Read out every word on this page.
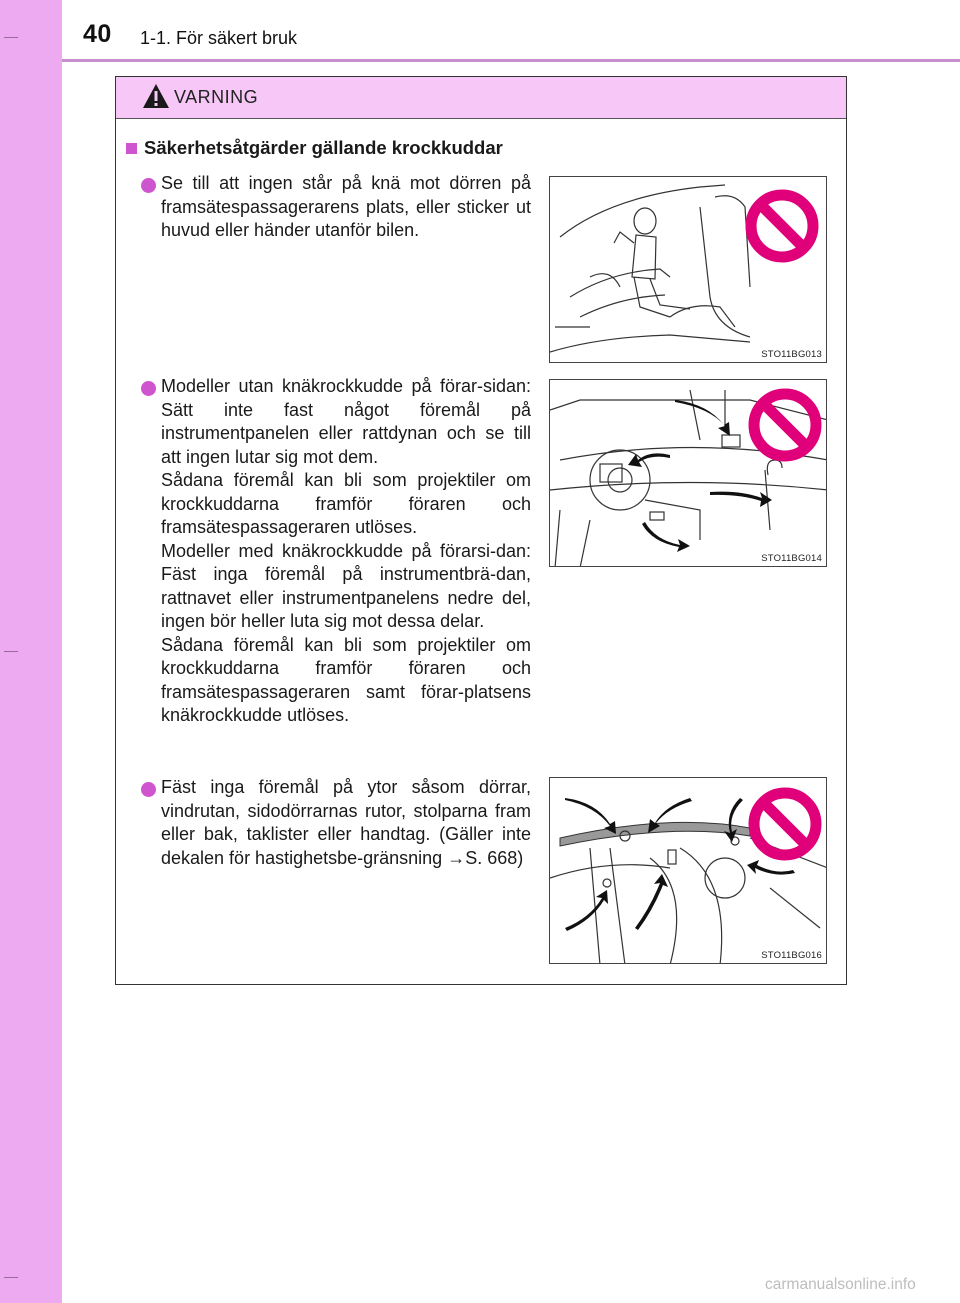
40 1-1. För säkert bruk
VARNING
Säkerhetsåtgärder gällande krockkuddar
Se till att ingen står på knä mot dörren på framsätespassagerarens plats, eller sticker ut huvud eller händer utanför bilen.
STO11BG013
Modeller utan knäkrockkudde på förar-sidan: Sätt inte fast något föremål på instrumentpanelen eller rattdynan och se till att ingen lutar sig mot dem.
Sådana föremål kan bli som projektiler om krockkuddarna framför föraren och framsätespassageraren utlöses.
Modeller med knäkrockkudde på förarsi-dan: Fäst inga föremål på instrumentbrä-dan, rattnavet eller instrumentpanelens nedre del, ingen bör heller luta sig mot dessa delar.
Sådana föremål kan bli som projektiler om krockkuddarna framför föraren och framsätespassageraren samt förar-platsens knäkrockkudde utlöses.
STO11BG014
Fäst inga föremål på ytor såsom dörrar, vindrutan, sidodörrarnas rutor, stolparna fram eller bak, taklister eller handtag. (Gäller inte dekalen för hastighetsbe-gränsning →S. 668)
STO11BG016
carmanualsonline.info
